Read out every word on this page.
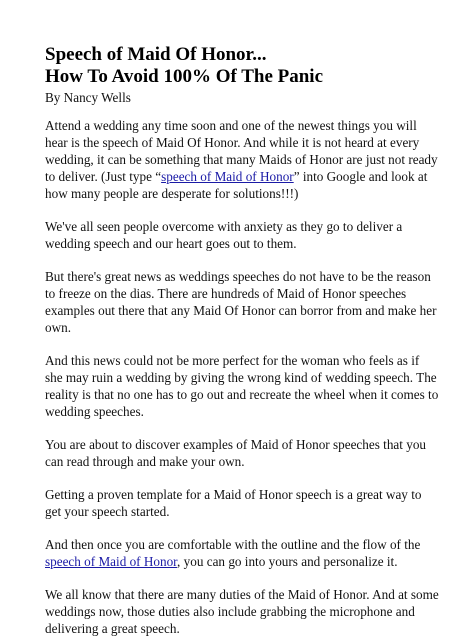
Speech of Maid Of Honor...
How To Avoid 100% Of The Panic

By Nancy Wells

Attend a wedding any time soon and one of the newest things you will hear is the speech of Maid Of Honor. And while it is not heard at every wedding, it can be something that many Maids of Honor are just not ready to deliver. (Just type “speech of Maid of Honor” into Google and look at how many people are desperate for solutions!!!)

We've all seen people overcome with anxiety as they go to deliver a wedding speech and our heart goes out to them.

But there's great news as weddings speeches do not have to be the reason to freeze on the dias. There are hundreds of Maid of Honor speeches examples out there that any Maid Of Honor can borror from and make her own.

And this news could not be more perfect for the woman who feels as if she may ruin a wedding by giving the wrong kind of wedding speech. The reality is that no one has to go out and recreate the wheel when it comes to wedding speeches.

You are about to discover examples of Maid of Honor speeches that you can read through and make your own.

Getting a proven template for a Maid of Honor speech is a great way to get your speech started.

And then once you are comfortable with the outline and the flow of the speech of Maid of Honor, you can go into yours and personalize it.

We all know that there are many duties of the Maid of Honor. And at some weddings now, those duties also include grabbing the microphone and delivering a great speech.
